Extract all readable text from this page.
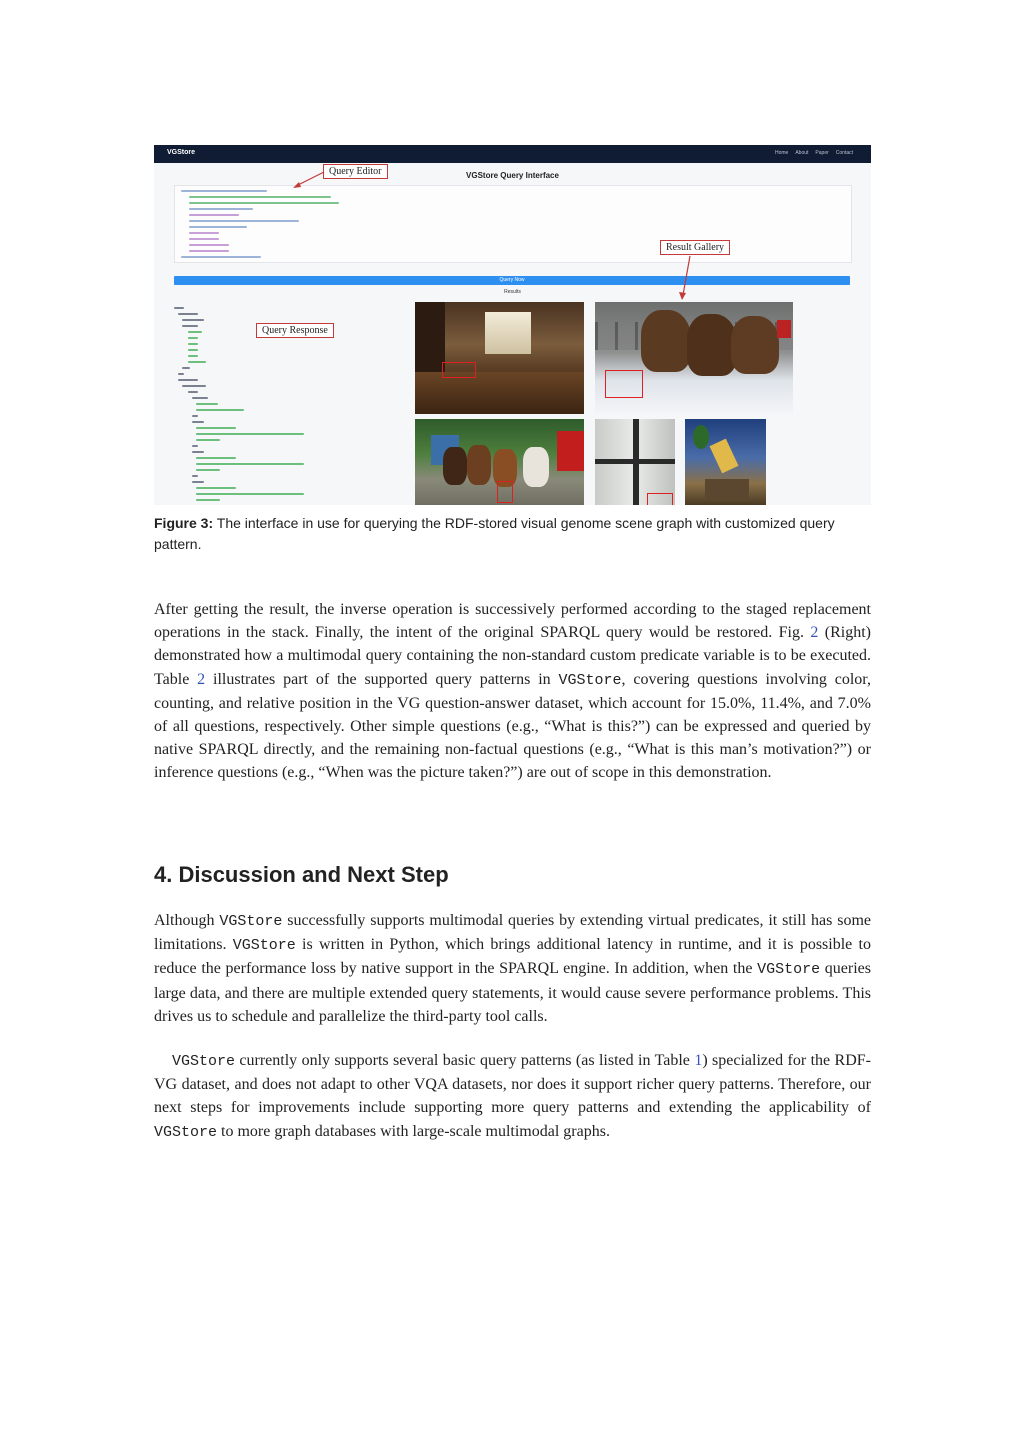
VGStore	Home About Paper Contact
VGStore Query Interface
Query Now
Results
Query Editor
Result Gallery
Query Response
Figure 3: The interface in use for querying the RDF-stored visual genome scene graph with customized query pattern.

After getting the result, the inverse operation is successively performed according to the staged replacement operations in the stack. Finally, the intent of the original SPARQL query would be restored. Fig. 2 (Right) demonstrated how a multimodal query containing the non-standard custom predicate variable is to be executed. Table 2 illustrates part of the supported query patterns in VGStore, covering questions involving color, counting, and relative position in the VG question-answer dataset, which account for 15.0%, 11.4%, and 7.0% of all questions, respectively. Other simple questions (e.g., “What is this?”) can be expressed and queried by native SPARQL directly, and the remaining non-factual questions (e.g., “What is this man’s motivation?”) or inference questions (e.g., “When was the picture taken?”) are out of scope in this demonstration.

4. Discussion and Next Step

Although VGStore successfully supports multimodal queries by extending virtual predicates, it still has some limitations. VGStore is written in Python, which brings additional latency in runtime, and it is possible to reduce the performance loss by native support in the SPARQL engine. In addition, when the VGStore queries large data, and there are multiple extended query statements, it would cause severe performance problems. This drives us to schedule and parallelize the third-party tool calls.

VGStore currently only supports several basic query patterns (as listed in Table 1) specialized for the RDF-VG dataset, and does not adapt to other VQA datasets, nor does it support richer query patterns. Therefore, our next steps for improvements include supporting more query patterns and extending the applicability of VGStore to more graph databases with large-scale multimodal graphs.
